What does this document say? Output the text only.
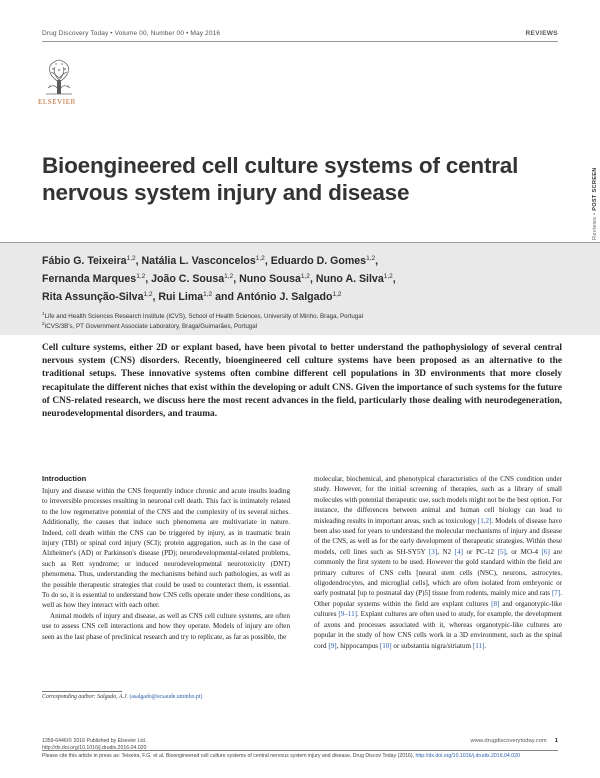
Drug Discovery Today • Volume 00, Number 00 • May 2016	REVIEWS
ELSEVIER
Reviews • POST SCREEN
Bioengineered cell culture systems of central nervous system injury and disease
Fábio G. Teixeira$^{1,2}$, Natália L. Vasconcelos$^{1,2}$, Eduardo D. Gomes$^{1,2}$,
Fernanda Marques$^{1,2}$, João C. Sousa$^{1,2}$, Nuno Sousa$^{1,2}$, Nuno A. Silva$^{1,2}$,
Rita Assunção-Silva$^{1,2}$, Rui Lima$^{1,2}$ and António J. Salgado$^{1,2}$
$^1$Life and Health Sciences Research Institute (ICVS), School of Health Sciences, University of Minho, Braga, Portugal
$^2$ICVS/3B's, PT Government Associate Laboratory, Braga/Guimarães, Portugal

Cell culture systems, either 2D or explant based, have been pivotal to better understand the pathophysiology of several central nervous system (CNS) disorders. Recently, bioengineered cell culture systems have been proposed as an alternative to the traditional setups. These innovative systems often combine different cell populations in 3D environments that more closely recapitulate the different niches that exist within the developing or adult CNS. Given the importance of such systems for the future of CNS-related research, we discuss here the most recent advances in the field, particularly those dealing with neurodegeneration, neurodevelopmental disorders, and trauma.

Introduction

Injury and disease within the CNS frequently induce chronic and acute insults leading to irreversible processes resulting in neuronal cell death. This fact is intimately related to the low regenerative potential of the CNS and the complexity of its several niches. Additionally, the causes that induce such phenomena are multivariate in nature. Indeed, cell death within the CNS can be triggered by injury, as in traumatic brain injury (TBI) or spinal cord injury (SCI); protein aggregation, such as in the case of Alzheimer's (AD) or Parkinson's disease (PD); neurodevelopmental-related problems, such as Rett syndrome; or induced neurodevelopmental neurotoxicity (DNT) phenomena. Thus, understanding the mechanisms behind such pathologies, as well as the possible therapeutic strategies that could be used to counteract them, is essential. To do so, it is essential to understand how CNS cells operate under these conditions, as well as how they interact with each other.

Animal models of injury and disease, as well as CNS cell culture systems, are often use to assess CNS cell interactions and how they operate. Models of injury are often seen as the last phase of preclinical research and try to replicate, as far as possible, the

molecular, biochemical, and phenotypical characteristics of the CNS condition under study. However, for the initial screening of therapies, such as a library of small molecules with potential therapeutic use, such models might not be the best option. For instance, the differences between animal and human cell biology can lead to misleading results in important areas, such as toxicology [1,2]. Models of disease have been also used for years to understand the molecular mechanisms of injury and disease of the CNS, as well as for the early development of therapeutic strategies. Within these models, cell lines such as SH-SY5Y [3], N2 [4] or PC-12 [5], or MO-4 [6] are commonly the first system to be used. However the gold standard within the field are primary cultures of CNS cells [neural stem cells (NSC), neurons, astrocytes, oligodendrocytes, and microglial cells], which are often isolated from embryonic or early postnatal [up to postnatal day (P)5] tissue from rodents, mainly mice and rats [7]. Other popular systems within the field are explant cultures [8] and organotypic-like cultures [9–11]. Explant cultures are often used to study, for example, the development of axons and processes associated with it, whereas organotypic-like cultures are popular in the study of how CNS cells work in a 3D environment, such as the spinal cord [9], hippocampus [10] or substantia nigra/striatum [11].

Corresponding author: Salgado, A.J. (asalgado@ecsaude.uminho.pt)
1359-6446/© 2016 Published by Elsevier Ltd.
http://dx.doi.org/10.1016/j.drudis.2016.04.020
www.drugdiscoverytoday.com 1
Please cite this article in press as: Teixeira, F.G. et al. Bioengineered cell culture systems of central nervous system injury and disease, Drug Discov Today (2016), http://dx.doi.org/10.1016/j.drudis.2016.04.020
